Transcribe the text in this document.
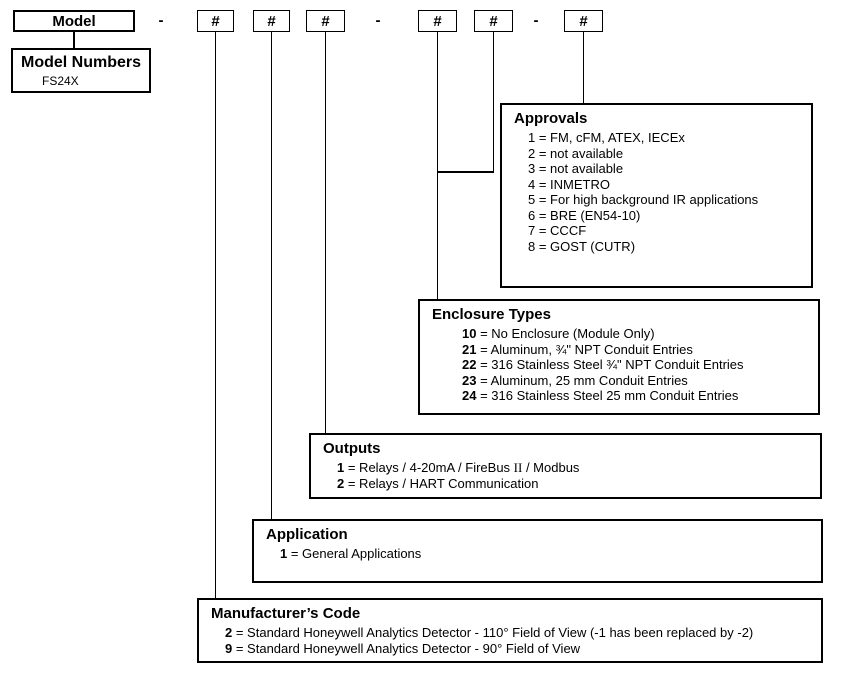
Model	-	#	#	#	-	#	#	-	#
Model Numbers
FS24X
Approvals
1 = FM, cFM, ATEX, IECEx
2 = not available
3 = not available
4 = INMETRO
5 = For high background IR applications
6 = BRE (EN54-10)
7 = CCCF
8 = GOST (CUTR)
Enclosure Types
10 = No Enclosure (Module Only)
21 = Aluminum, ¾" NPT Conduit Entries
22 = 316 Stainless Steel ¾" NPT Conduit Entries
23 = Aluminum, 25 mm Conduit Entries
24 = 316 Stainless Steel 25 mm Conduit Entries
Outputs
1 = Relays / 4-20mA / FireBus II / Modbus
2 = Relays / HART Communication
Application
1 = General Applications
Manufacturer’s Code
2 = Standard Honeywell Analytics Detector - 110° Field of View (-1 has been replaced by -2)
9 = Standard Honeywell Analytics Detector - 90° Field of View
